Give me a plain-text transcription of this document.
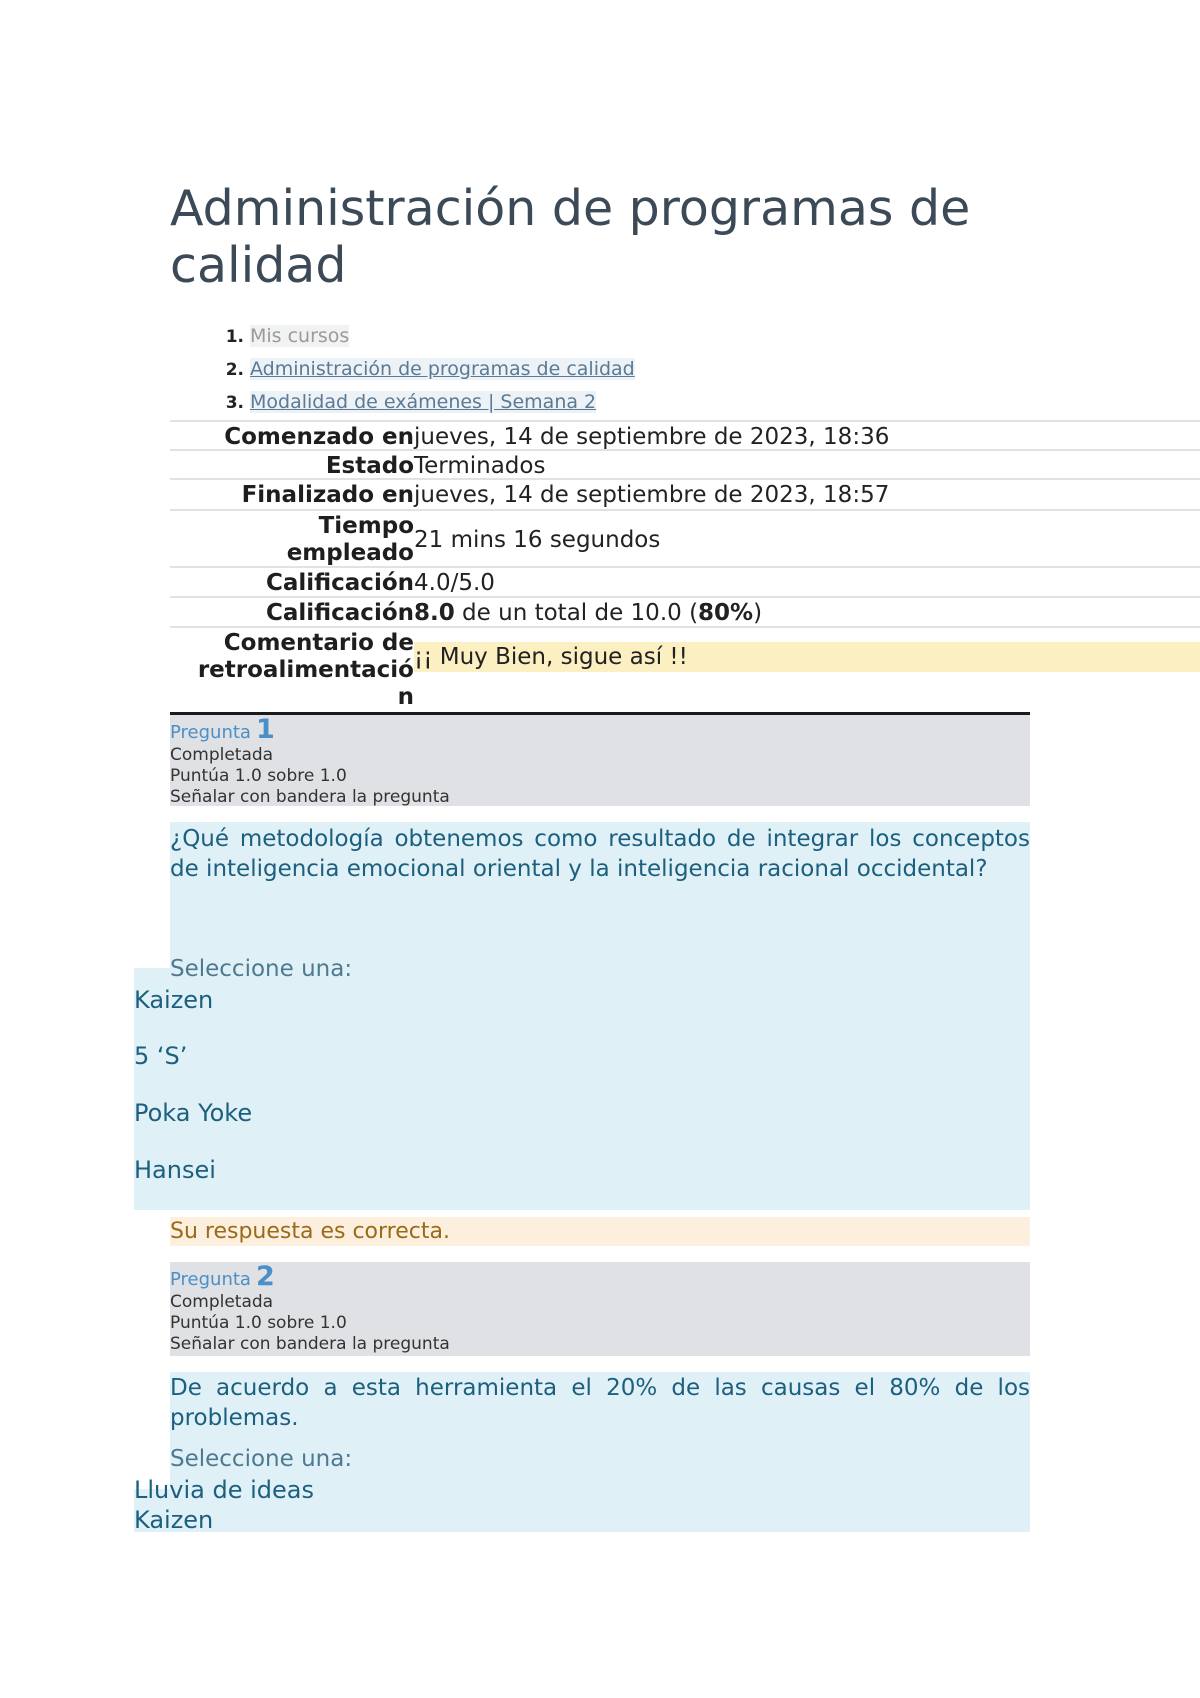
Administración de programas de calidad
1. Mis cursos
2. Administración de programas de calidad
3. Modalidad de exámenes | Semana 2
Comenzado en jueves, 14 de septiembre de 2023, 18:36
Estado Terminados
Finalizado en jueves, 14 de septiembre de 2023, 18:57
Tiempo
empleado 21 mins 16 segundos
Calificación 4.0/5.0
Calificación 8.0 de un total de 10.0 (80%)
Comentario de
retroalimentació
n
¡¡ Muy Bien, sigue así !!
Pregunta 1
Completada
Puntúa 1.0 sobre 1.0
Señalar con bandera la pregunta
¿Qué metodología obtenemos como resultado de integrar los conceptos de inteligencia emocional oriental y la inteligencia racional occidental?
Seleccione una:
Kaizen
5 ‘S’
Poka Yoke
Hansei
Su respuesta es correcta.
Pregunta 2
Completada
Puntúa 1.0 sobre 1.0
Señalar con bandera la pregunta
De acuerdo a esta herramienta el 20% de las causas el 80% de los problemas.
Seleccione una:
Lluvia de ideas
Kaizen
